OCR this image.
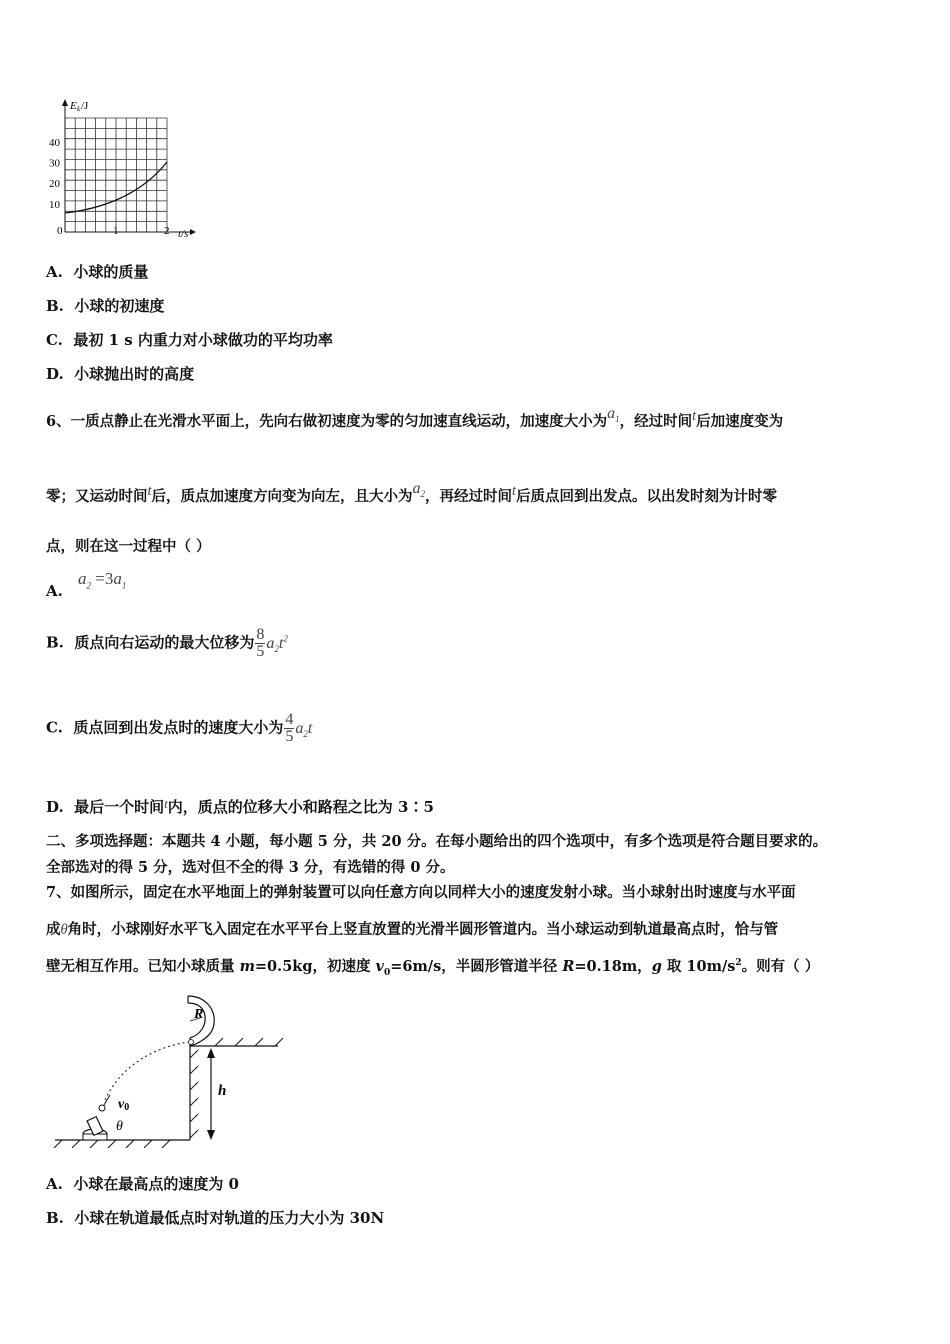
E k /J
40
30
20
10
0	1	2 t/s
A. 小球的质量
B. 小球的初速度
C. 最初 1 s 内重力对小球做功的平均功率
D. 小球抛出时的高度
6、一质点静止在光滑水平面上，先向右做初速度为零的匀加速直线运动，加速度大小为$a_1$，经过时间t后加速度变为
零；又运动时间t后，质点加速度方向变为向左，且大小为$a_2$，再经过时间t后质点回到出发点。以出发时刻为计时零
点，则在这一过程中（ ）
A.
$a_2 =3a_1$
B. 质点向右运动的最大位移为 $\frac{8}{5} a_2t^2$
C. 质点回到出发点时的速度大小为 $\frac{4}{5} a_2t$
D. 最后一个时间t内，质点的位移大小和路程之比为 3∶5
二、多项选择题：本题共 4 小题，每小题 5 分，共 20 分。在每小题给出的四个选项中，有多个选项是符合题目要求的。
全部选对的得 5 分，选对但不全的得 3 分，有选错的得 0 分。
7、如图所示，固定在水平地面上的弹射装置可以向任意方向以同样大小的速度发射小球。当小球射出时速度与水平面
成θ角时，小球刚好水平飞入固定在水平平台上竖直放置的光滑半圆形管道内。当小球运动到轨道最高点时，恰与管
壁无相互作用。已知小球质量 m=0.5kg，初速度 $v_0=6m/s$，半圆形管道半径 R=0.18m，g 取 $10m/s^2$。则有（ ）
R
h
v0
θ
A. 小球在最高点的速度为 0
B. 小球在轨道最低点时对轨道的压力大小为 30N
